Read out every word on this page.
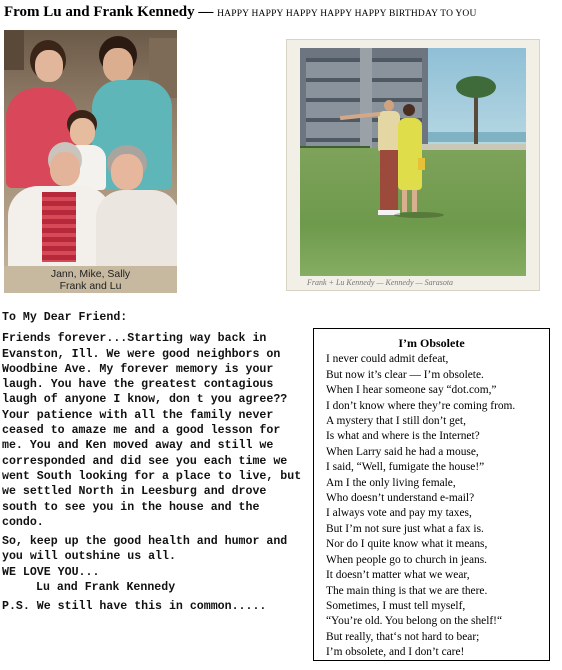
From Lu and Frank Kennedy — HAPPY HAPPY HAPPY HAPPY HAPPY BIRTHDAY TO YOU
Jann, Mike, Sally
Frank and Lu	Frank + Lu Kennedy — Kennedy — Sarasota

To My Dear Friend:

Friends forever...Starting way back in Evanston, Ill. We were good neighbors on Woodbine Ave. My forever memory is your laugh. You have the greatest contagious laugh of anyone I know, don t you agree?? Your patience with all the family never ceased to amaze me and a good lesson for me. You and Ken moved away and still we corresponded and did see you each time we went South looking for a place to live, but we settled North in Leesburg and drove south to see you in the house and the condo.

So, keep up the good health and humor and you will outshine us all.

WE LOVE YOU...

Lu and Frank Kennedy

P.S. We still have this in common.....

I’m Obsolete
I never could admit defeat,
But now it’s clear — I’m obsolete.
When I hear someone say “dot.com,”
I don’t know where they’re coming from.
A mystery that I still don’t get,
Is what and where is the Internet?
When Larry said he had a mouse,
I said, “Well, fumigate the house!”
Am I the only living female,
Who doesn’t understand e-mail?
I always vote and pay my taxes,
But I’m not sure just what a fax is.
Nor do I quite know what it means,
When people go to church in jeans.
It doesn’t matter what we wear,
The main thing is that we are there.
Sometimes, I must tell myself,
“You’re old. You belong on the shelf!“
But really, that‘s not hard to bear;
I’m obsolete, and I don’t care!
